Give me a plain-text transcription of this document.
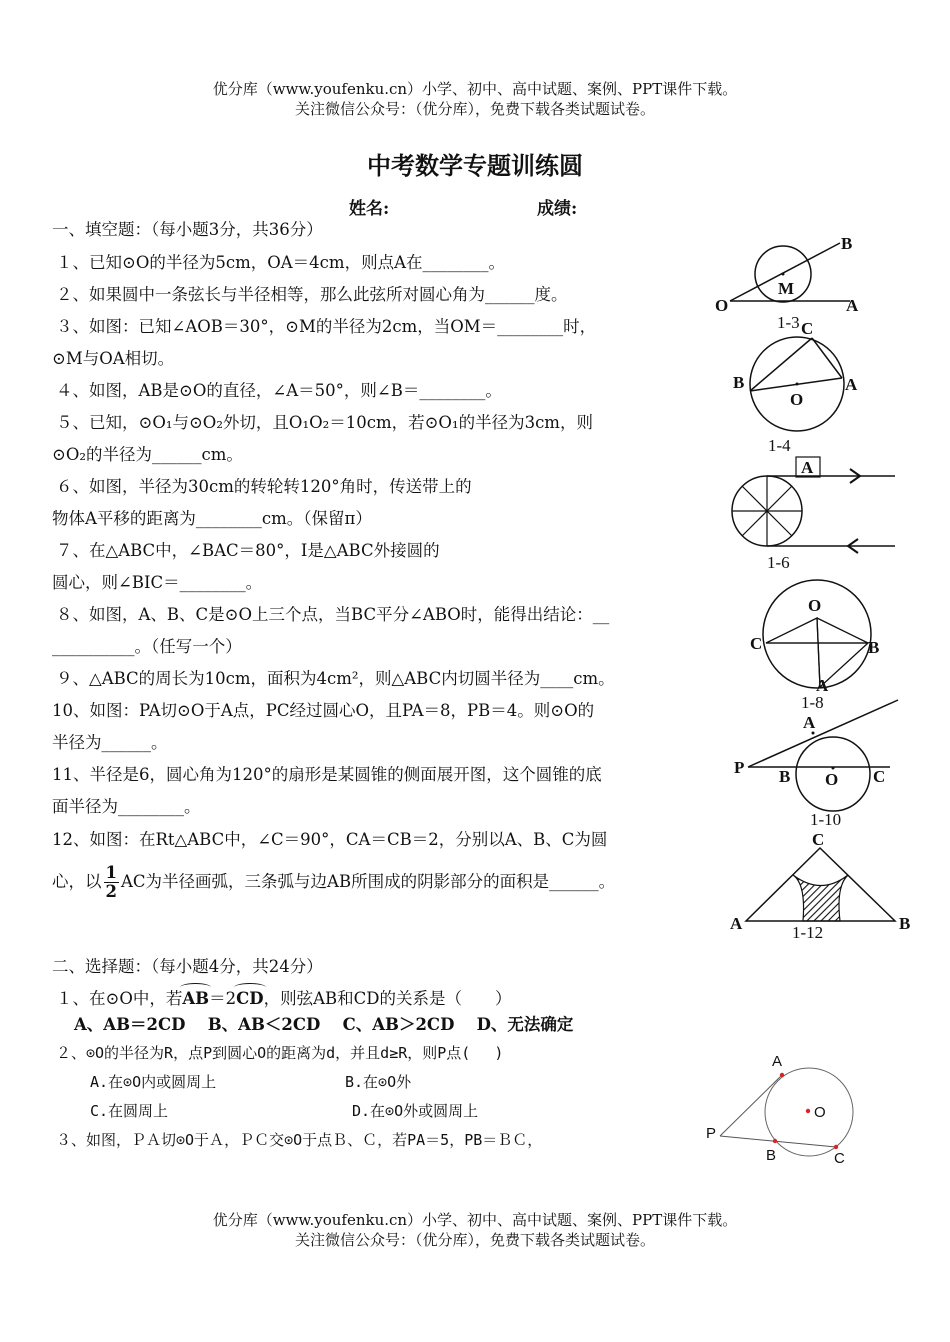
优分库（www.youfenku.cn）小学、初中、高中试题、案例、PPT课件下载。
关注微信公众号：（优分库），免费下载各类试题试卷。
中考数学专题训练圆
姓名:	成绩:
一、填空题：（每小题3分，共36分）
１、已知⊙O的半径为5cm，OA＝4cm，则点A在________。
２、如果圆中一条弦长与半径相等，那么此弦所对圆心角为______度。
３、如图：已知∠AOB＝30°，⊙M的半径为2cm，当OM＝________时，
⊙M与OA相切。
４、如图，AB是⊙O的直径，∠A＝50°，则∠B＝________。
５、已知，⊙O₁与⊙O₂外切，且O₁O₂＝10cm，若⊙O₁的半径为3cm，则
⊙O₂的半径为______cm。
６、如图，半径为30cm的转轮转120°角时，传送带上的
物体A平移的距离为________cm。（保留π）
７、在△ABC中，∠BAC＝80°，I是△ABC外接圆的
圆心，则∠BIC＝________。
８、如图，A、B、C是⊙O上三个点，当BC平分∠ABO时，能得出结论：__
__________。（任写一个）
９、△ABC的周长为10cm，面积为4cm²，则△ABC内切圆半径为____cm。
10、如图：PA切⊙O于A点，PC经过圆心O，且PA＝8，PB＝4。则⊙O的
半径为______。
11、半径是6，圆心角为120°的扇形是某圆锥的侧面展开图，这个圆锥的底
面半径为________。
12、如图：在Rt△ABC中，∠C＝90°，CA＝CB＝2，分别以A、B、C为圆
心，以 $\frac{1}{2}$ AC为半径画弧，三条弧与边AB所围成的阴影部分的面积是______。
二、选择题：（每小题4分，共24分）
１、在⊙O中，若AB＝2CD，则弦AB和CD的关系是（　　）
A、AB＝2CD　 B、AB＜2CD　 C、AB＞2CD　 D、无法确定
２、⊙O的半径为R，点P到圆心O的距离为d，并且d≥R，则P点(　 )
A.在⊙O内或圆周上	B.在⊙O外
C.在圆周上	D.在⊙O外或圆周上
３、如图，ＰＡ切⊙O于Ａ，ＰＣ交⊙O于点Ｂ、Ｃ，若PA＝5，PB＝ＢＣ，
B
M
O	A
1-3 C
B	A
O
1-4
A
1-6
O
C	B
A
1-8
A
P B O C
1-10
C
A	B
1-12
A
O
P
B	C
优分库（www.youfenku.cn）小学、初中、高中试题、案例、PPT课件下载。
关注微信公众号：（优分库），免费下载各类试题试卷。
